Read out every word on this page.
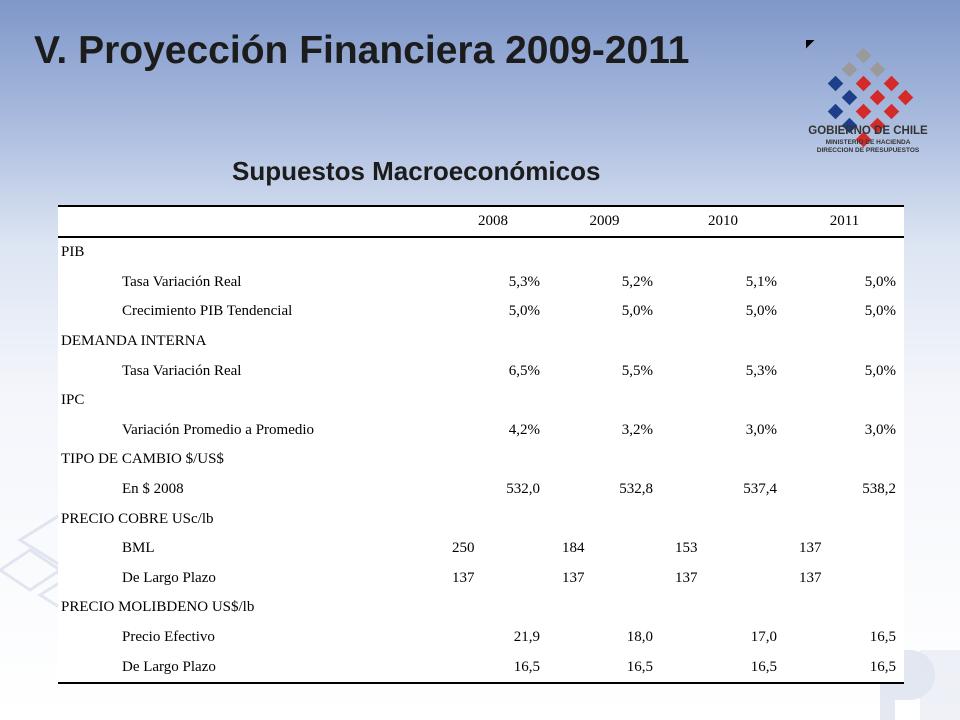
V. Proyección Financiera 2009-2011
GOBIERNO DE CHILE
MINISTERIO DE HACIENDA
DIRECCION DE PRESUPUESTOS
Supuestos Macroeconómicos
	2008	2009	2010	2011
PIB				
Tasa Variación Real	5,3%	5,2%	5,1%	5,0%
Crecimiento PIB Tendencial	5,0%	5,0%	5,0%	5,0%
DEMANDA INTERNA				
Tasa Variación Real	6,5%	5,5%	5,3%	5,0%
IPC				
Variación Promedio a Promedio	4,2%	3,2%	3,0%	3,0%
TIPO DE CAMBIO $/US$				
En $ 2008	532,0	532,8	537,4	538,2
PRECIO COBRE USc/lb				
BML	250	184	153	137
De Largo Plazo	137	137	137	137
PRECIO MOLIBDENO US$/lb				
Precio Efectivo	21,9	18,0	17,0	16,5
De Largo Plazo	16,5	16,5	16,5	16,5
